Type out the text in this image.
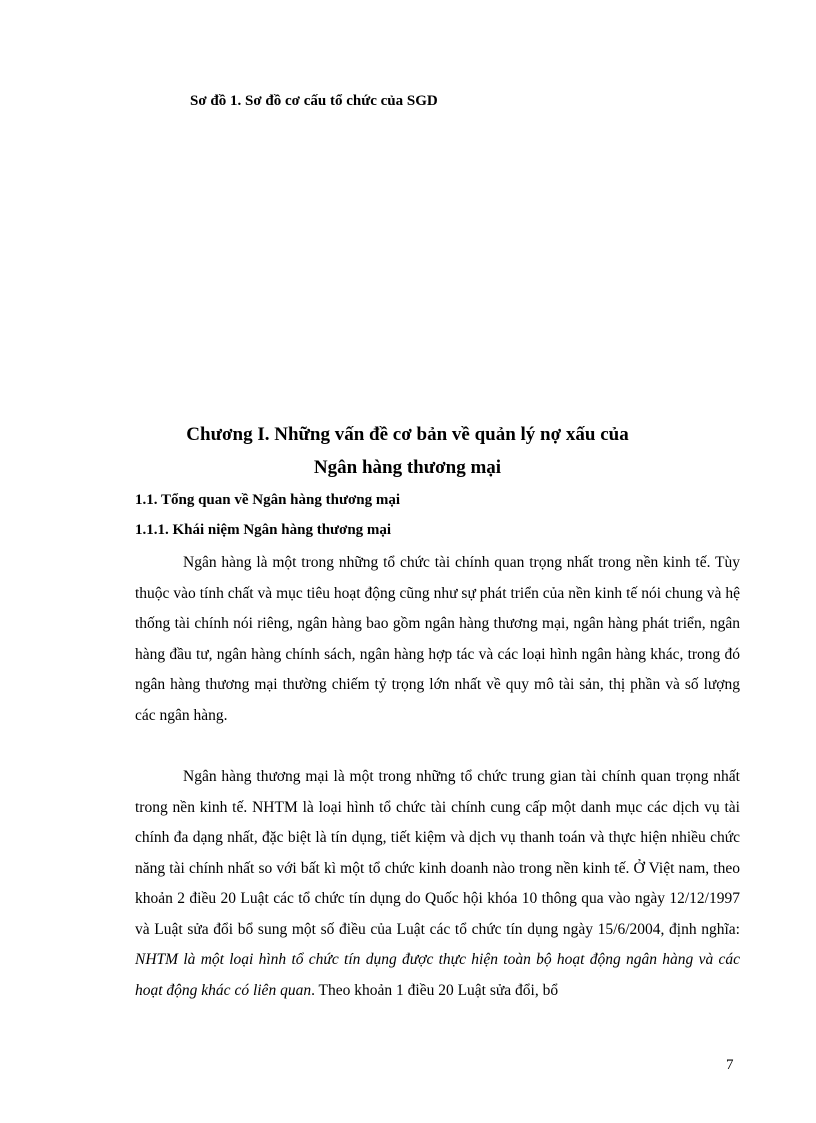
Sơ đồ 1. Sơ đồ cơ cấu tổ chức của SGD
Chương I. Những vấn đề cơ bản về quản lý nợ xấu của
Ngân hàng thương mại
1.1. Tổng quan về Ngân hàng thương mại
1.1.1. Khái niệm Ngân hàng thương mại

Ngân hàng là một trong những tổ chức tài chính quan trọng nhất trong nền kinh tế. Tùy thuộc vào tính chất và mục tiêu hoạt động cũng như sự phát triển của nền kinh tế nói chung và hệ thống tài chính nói riêng, ngân hàng bao gồm ngân hàng thương mại, ngân hàng phát triển, ngân hàng đầu tư, ngân hàng chính sách, ngân hàng hợp tác và các loại hình ngân hàng khác, trong đó ngân hàng thương mại thường chiếm tỷ trọng lớn nhất về quy mô tài sản, thị phần và số lượng các ngân hàng.

Ngân hàng thương mại là một trong những tổ chức trung gian tài chính quan trọng nhất trong nền kinh tế. NHTM là loại hình tổ chức tài chính cung cấp một danh mục các dịch vụ tài chính đa dạng nhất, đặc biệt là tín dụng, tiết kiệm và dịch vụ thanh toán và thực hiện nhiều chức năng tài chính nhất so với bất kì một tổ chức kinh doanh nào trong nền kinh tế. Ở Việt nam, theo khoản 2 điều 20 Luật các tổ chức tín dụng do Quốc hội khóa 10 thông qua vào ngày 12/12/1997 và Luật sửa đổi bổ sung một số điều của Luật các tổ chức tín dụng ngày 15/6/2004, định nghĩa: NHTM là một loại hình tổ chức tín dụng được thực hiện toàn bộ hoạt động ngân hàng và các hoạt động khác có liên quan. Theo khoản 1 điều 20 Luật sửa đổi, bổ

7
